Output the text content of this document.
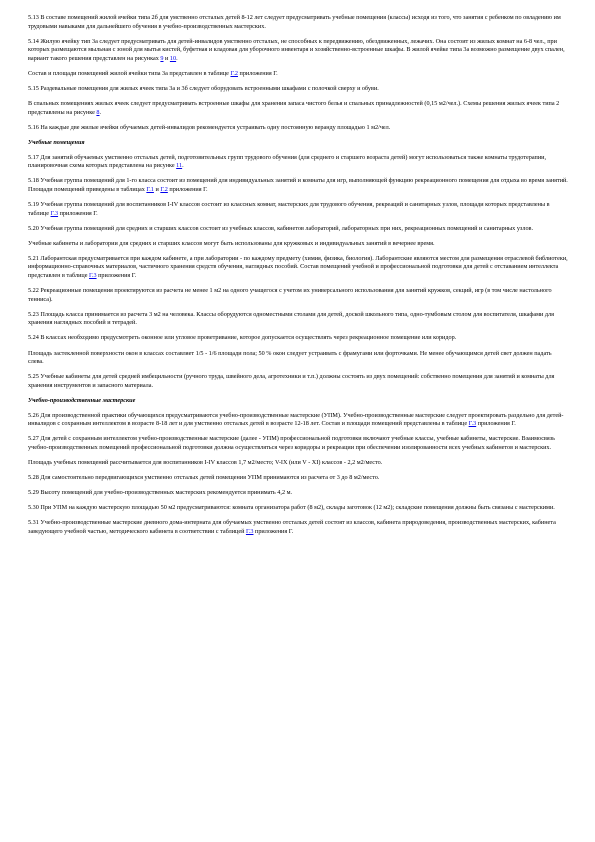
5.13 В составе помещений жилой ячейки типа 2б для умственно отсталых детей 8-12 лет следует предусматривать учебные помещения (классы) исходя из того, что занятия с ребенком по овладению им трудовыми навыками для дальнейшего обучения в учебно-производственных мастерских.

5.14 Жилую ячейку тип 3а следует предусматривать для детей-инвалидов умственно отсталых, не способных к передвижению, обездвиженных, лежачих. Она состоит из жилых комнат на 6-8 чел., при которых размещаются мыльная с зоной для мытья кистей, буфетная и кладовая для уборочного инвентаря и хозяйственно-встроенные шкафы. В жилой ячейке типа 3а возможно размещение двух спален, вариант такого решения представлен на рисунках 9 и 10.

Состав и площади помещений жилой ячейки типа 3а представлен в таблице Г.2 приложения Г.

5.15 Раздевальные помещения для жилых ячеек типа 3а и 3б следует оборудовать встроенными шкафами с полочкой сверху и обуви.

В спальных помещениях жилых ячеек следует предусматривать встроенные шкафы для хранения запаса чистого белья и спальных принадлежностей (0,15 м2/чел.). Схемы решения жилых ячеек типа 2 представлены на рисунке 8.

5.16 На каждые две жилые ячейки обучаемых детей-инвалидов рекомендуется устраивать одну постоянную веранду площадью 1 м2/чел.

Учебные помещения

5.17 Для занятий обучаемых умственно отсталых детей, подготовительных групп трудового обучения (для среднего и старшего возраста детей) могут использоваться также комнаты трудотерапии, планировочная схема которых представлена на рисунке 11.

5.18 Учебная группа помещений для 1-го класса состоит из помещений для индивидуальных занятий и комнаты для игр, выполняющей функцию рекреационного помещения для отдыха во время занятий. Площади помещений приведены в таблицах Г.1 и Г.2 приложения Г.

5.19 Учебная группа помещений для воспитанников I-IV классов состоит из классных комнат, мастерских для трудового обучения, рекреаций и санитарных узлов, площади которых представлены в таблице Г.3 приложения Г.

5.20 Учебная группа помещений для средних и старших классов состоит из учебных классов, кабинетов лабораторий, лабораторных при них, рекреационных помещений и санитарных узлов.

Учебные кабинеты и лаборатории для средних и старших классов могут быть использованы для кружковых и индивидуальных занятий в вечернее время.

5.21 Лаборантская предусматривается при каждом кабинете, а при лаборатории - по каждому предмету (химия, физика, биология). Лаборантские являются местом для размещения отраслевой библиотеки, информационно-справочных материалов, частичного хранения средств обучения, наглядных пособий. Состав помещений учебной и профессиональной подготовки для детей с отставанием интеллекта представлен в таблице Г.3 приложения Г.

5.22 Рекреационные помещения проектируются из расчета не менее 1 м2 на одного учащегося с учетом их универсального использования для занятий кружков, секций, игр (в том числе настольного тенниса).

5.23 Площадь класса принимается из расчета 3 м2 на человека. Классы оборудуются одноместными столами для детей, доской школьного типа, одно-тумбовым столом для воспитателя, шкафами для хранения наглядных пособий и тетрадей.

5.24 В классах необходимо предусмотреть оконное или угловое проветривание, которое допускается осуществлять через рекреационное помещение или коридор.

Площадь застекленной поверхности окон в классах составляет 1/5 - 1/6 площади пола; 50 % окон следует устраивать с фрамугами или форточками. Не менее обучающимся детей свет должен падать слева.

5.25 Учебные кабинеты для детей средней имбецильности (ручного труда, швейного дела, агротехники и т.п.) должны состоять из двух помещений: собственно помещения для занятий и комнаты для хранения инструментов и запасного материала.

Учебно-производственные мастерские

5.26 Для производственной практики обучающихся предусматриваются учебно-производственные мастерские (УПМ). Учебно-производственные мастерские следует проектировать раздельно для детей-инвалидов с сохранным интеллектом в возрасте 8-18 лет и для умственно отсталых детей в возрасте 12-18 лет. Состав и площади помещений представлены в таблице Г.3 приложения Г.

5.27 Для детей с сохранным интеллектом учебно-производственные мастерские (далее - УПМ) профессиональной подготовки включают учебные классы, учебные кабинеты, мастерские. Взаимосвязь учебно-производственных помещений профессиональной подготовки должна осуществляться через коридоры и рекреации при обеспечении изолированности всех учебных кабинетов и мастерских.

Площадь учебных помещений рассчитывается для воспитанников I-IV классов 1,7 м2/место; V-IX (или V - XI) классов - 2,2 м2/место.

5.28 Для самостоятельно передвигающихся умственно отсталых детей помещения УПМ принимаются из расчета от 3 до 8 м2/место.

5.29 Высоту помещений для учебно-производственных мастерских рекомендуется принимать 4,2 м.

5.30 При УПМ на каждую мастерскую площадью 50 м2 предусматриваются: комната организатора работ (8 м2), склады заготовок (12 м2); складские помещения должны быть связаны с мастерскими.

5.31 Учебно-производственные мастерские дневного дома-интерната для обучаемых умственно отсталых детей состоят из классов, кабинета природоведения, производственных мастерских, кабинета заведующего учебной частью, методического кабинета в соответствии с таблицей Г.3 приложения Г.
